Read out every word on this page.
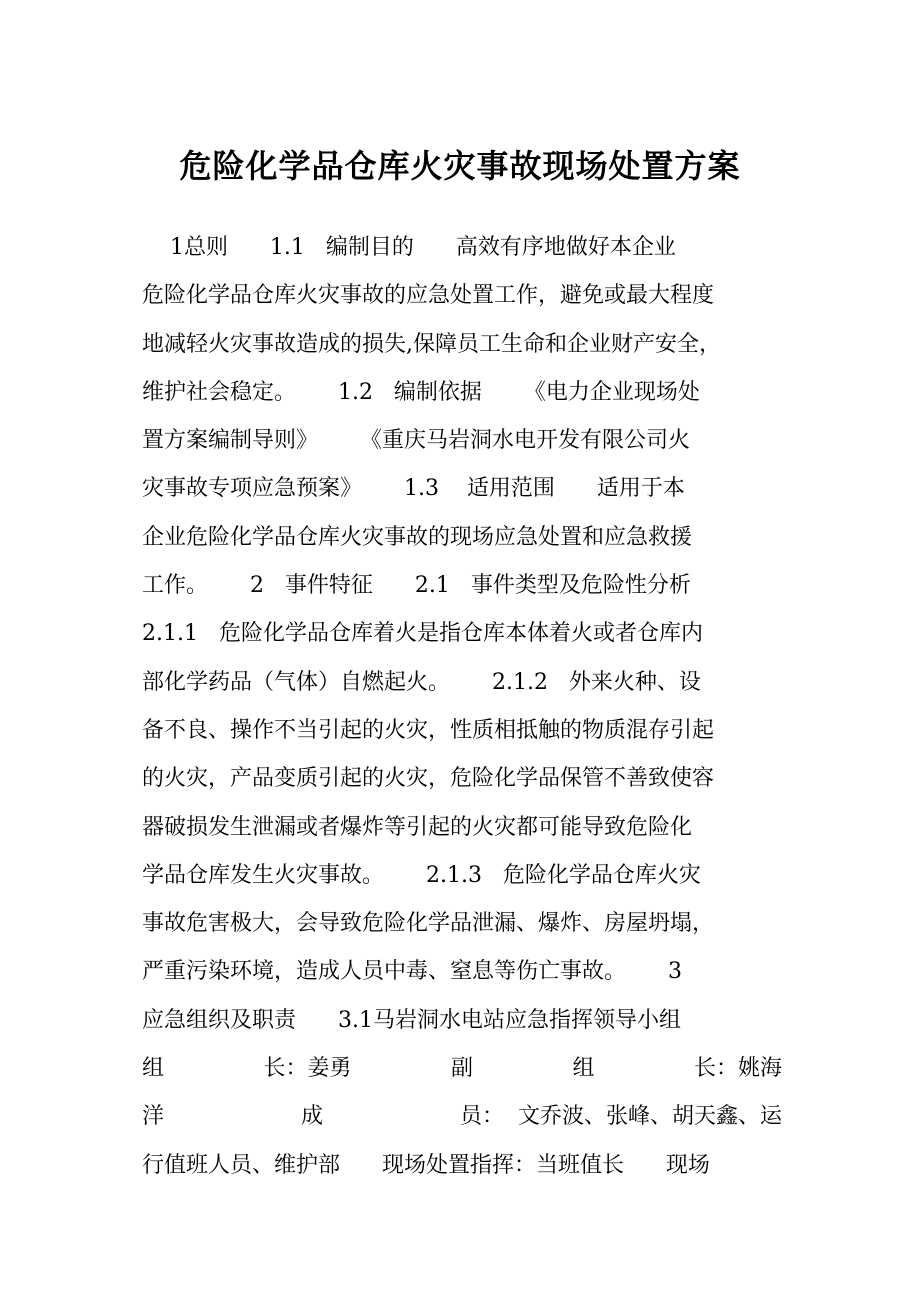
危险化学品仓库火灾事故现场处置方案
1总则      1.1   编制目的      高效有序地做好本企业
危险化学品仓库火灾事故的应急处置工作，避免或最大程度
地减轻火灾事故造成的损失,保障员工生命和企业财产安全，
维护社会稳定。      1.2   编制依据      《电力企业现场处
置方案编制导则》      《重庆马岩洞水电开发有限公司火
灾事故专项应急预案》      1.3    适用范围      适用于本
企业危险化学品仓库火灾事故的现场应急处置和应急救援
工作。      2   事件特征      2.1   事件类型及危险性分析
2.1.1   危险化学品仓库着火是指仓库本体着火或者仓库内
部化学药品（气体）自燃起火。      2.1.2   外来火种、设
备不良、操作不当引起的火灾，性质相抵触的物质混存引起
的火灾，产品变质引起的火灾，危险化学品保管不善致使容
器破损发生泄漏或者爆炸等引起的火灾都可能导致危险化
学品仓库发生火灾事故。      2.1.3   危险化学品仓库火灾
事故危害极大，会导致危险化学品泄漏、爆炸、房屋坍塌，
严重污染环境，造成人员中毒、窒息等伤亡事故。      3
应急组织及职责      3.1马岩洞水电站应急指挥领导小组
组	长：姜勇	副	组	长：姚海
洋	成	员：  文乔波、张峰、胡天鑫、运
行值班人员、维护部      现场处置指挥：当班值长      现场
